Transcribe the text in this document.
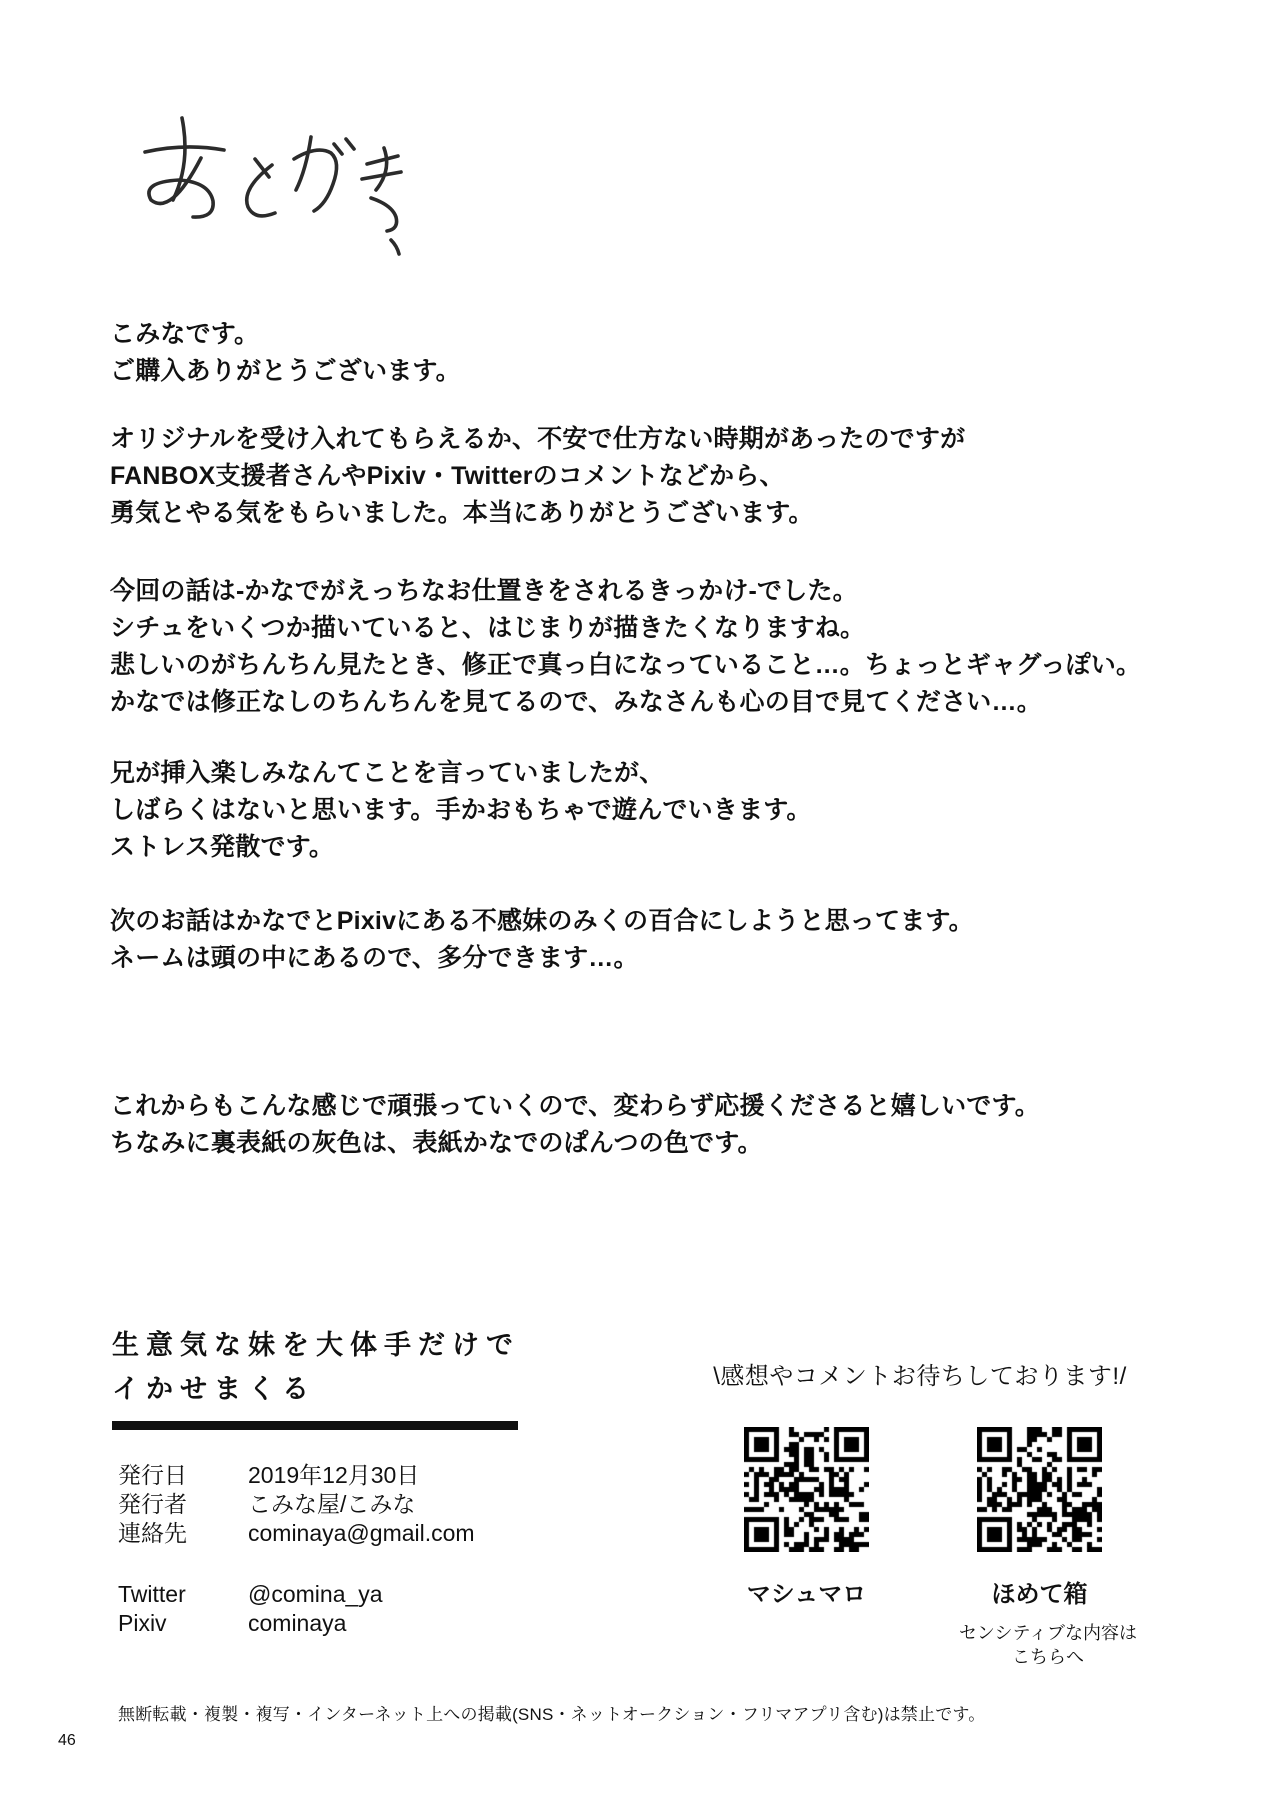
こみなです。
ご購入ありがとうございます。
オリジナルを受け入れてもらえるか、不安で仕方ない時期があったのですが
FANBOX支援者さんやPixiv・Twitterのコメントなどから、
勇気とやる気をもらいました。本当にありがとうございます。
今回の話は-かなでがえっちなお仕置きをされるきっかけ-でした。
シチュをいくつか描いていると、はじまりが描きたくなりますね。
悲しいのがちんちん見たとき、修正で真っ白になっていること…。ちょっとギャグっぽい。
かなでは修正なしのちんちんを見てるので、みなさんも心の目で見てください…。
兄が挿入楽しみなんてことを言っていましたが、
しばらくはないと思います。手かおもちゃで遊んでいきます。
ストレス発散です。
次のお話はかなでとPixivにある不感妹のみくの百合にしようと思ってます。
ネームは頭の中にあるので、多分できます…。
これからもこんな感じで頑張っていくので、変わらず応援くださると嬉しいです。
ちなみに裏表紙の灰色は、表紙かなでのぱんつの色です。
生意気な妹を大体手だけで
イかせまくる
発行日	2019年12月30日
発行者	こみな屋/こみな
連絡先	cominaya@gmail.com
Twitter	@comina_ya
Pixiv	cominaya
\感想やコメントお待ちしております!/
マシュマロ	ほめて箱
センシティブな内容は
こちらへ
無断転載・複製・複写・インターネット上への掲載(SNS・ネットオークション・フリマアプリ含む)は禁止です。
46
